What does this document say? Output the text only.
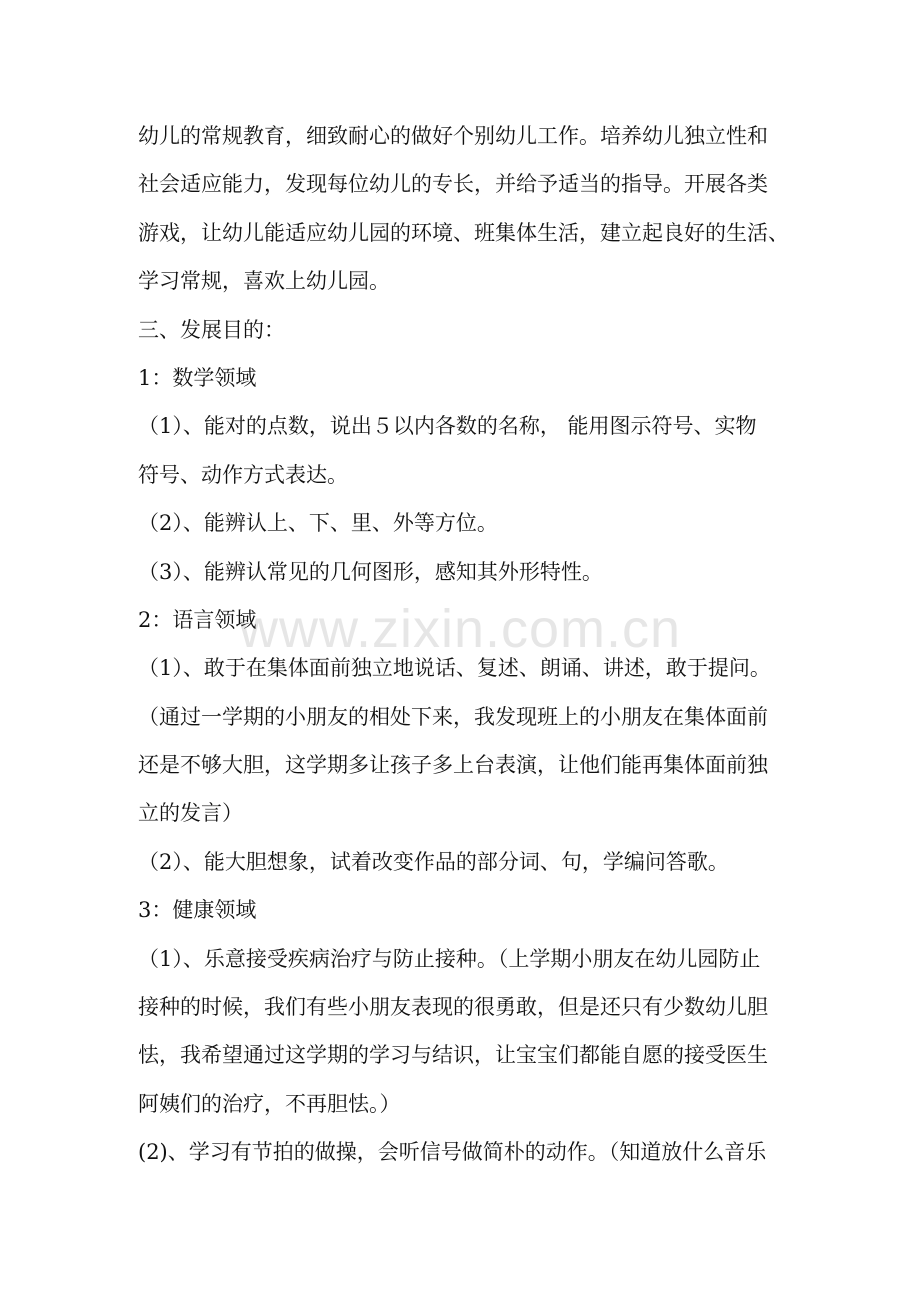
www.zixin.com.cn
幼儿的常规教育，细致耐心的做好个别幼儿工作。培养幼儿独立性和
社会适应能力，发现每位幼儿的专长，并给予适当的指导。开展各类
游戏，让幼儿能适应幼儿园的环境、班集体生活，建立起良好的生活、
学习常规，喜欢上幼儿园。
三、发展目的：
1：数学领域
（1）、能对的点数，说出５以内各数的名称， 能用图示符号、实物
符号、动作方式表达。
（2）、能辨认上、下、里、外等方位。
（3）、能辨认常见的几何图形，感知其外形特性。
2：语言领域
（1）、敢于在集体面前独立地说话、复述、朗诵、讲述，敢于提问。
（通过一学期的小朋友的相处下来，我发现班上的小朋友在集体面前
还是不够大胆，这学期多让孩子多上台表演，让他们能再集体面前独
立的发言）
（2）、能大胆想象，试着改变作品的部分词、句，学编问答歌。
3：健康领域
（1）、乐意接受疾病治疗与防止接种。（上学期小朋友在幼儿园防止
接种的时候，我们有些小朋友表现的很勇敢，但是还只有少数幼儿胆
怯，我希望通过这学期的学习与结识，让宝宝们都能自愿的接受医生
阿姨们的治疗，不再胆怯。）
(2)、学习有节拍的做操，会听信号做简朴的动作。（知道放什么音乐
